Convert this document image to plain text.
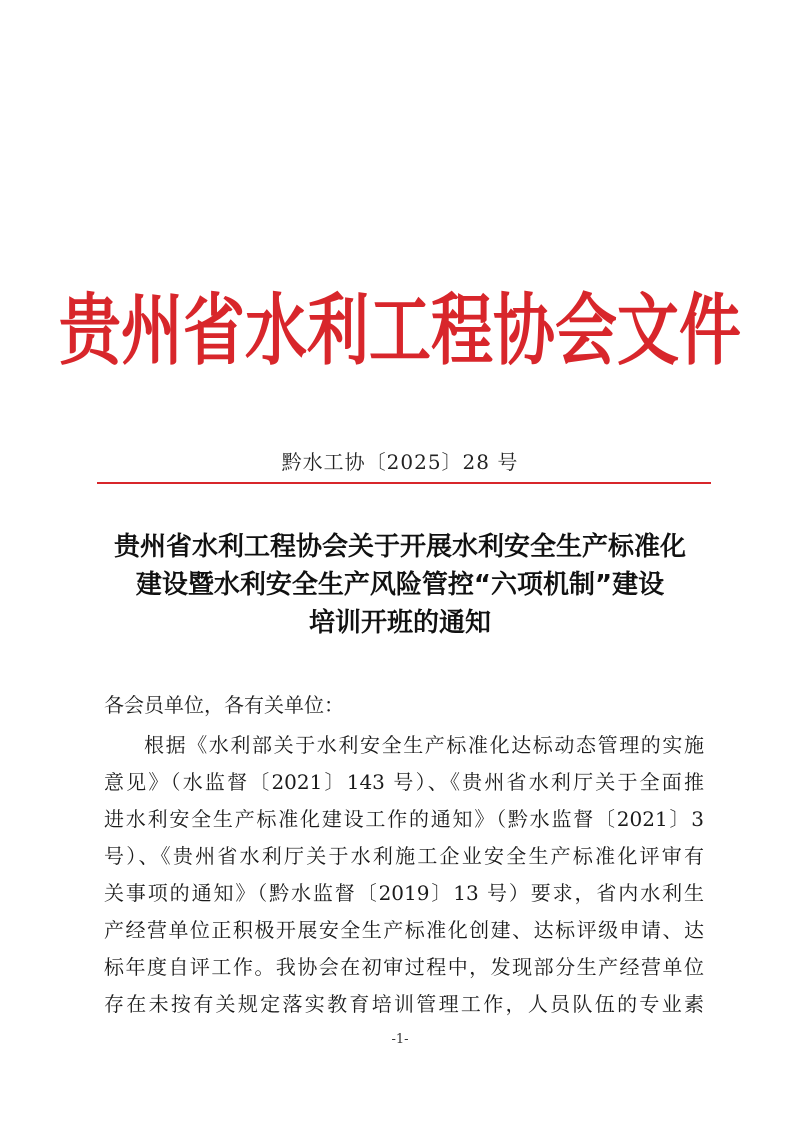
贵州省水利工程协会文件
黔水工协〔2025〕28 号
贵州省水利工程协会关于开展水利安全生产标准化
建设暨水利安全生产风险管控“六项机制”建设
培训开班的通知
各会员单位，各有关单位：
根据《水利部关于水利安全生产标准化达标动态管理的实施
意见》（水监督〔2021〕143 号）、《贵州省水利厅关于全面推
进水利安全生产标准化建设工作的通知》（黔水监督〔2021〕3
号）、《贵州省水利厅关于水利施工企业安全生产标准化评审有
关事项的通知》（黔水监督〔2019〕13 号）要求，省内水利生
产经营单位正积极开展安全生产标准化创建、达标评级申请、达
标年度自评工作。我协会在初审过程中，发现部分生产经营单位
存在未按有关规定落实教育培训管理工作，人员队伍的专业素
-1-
